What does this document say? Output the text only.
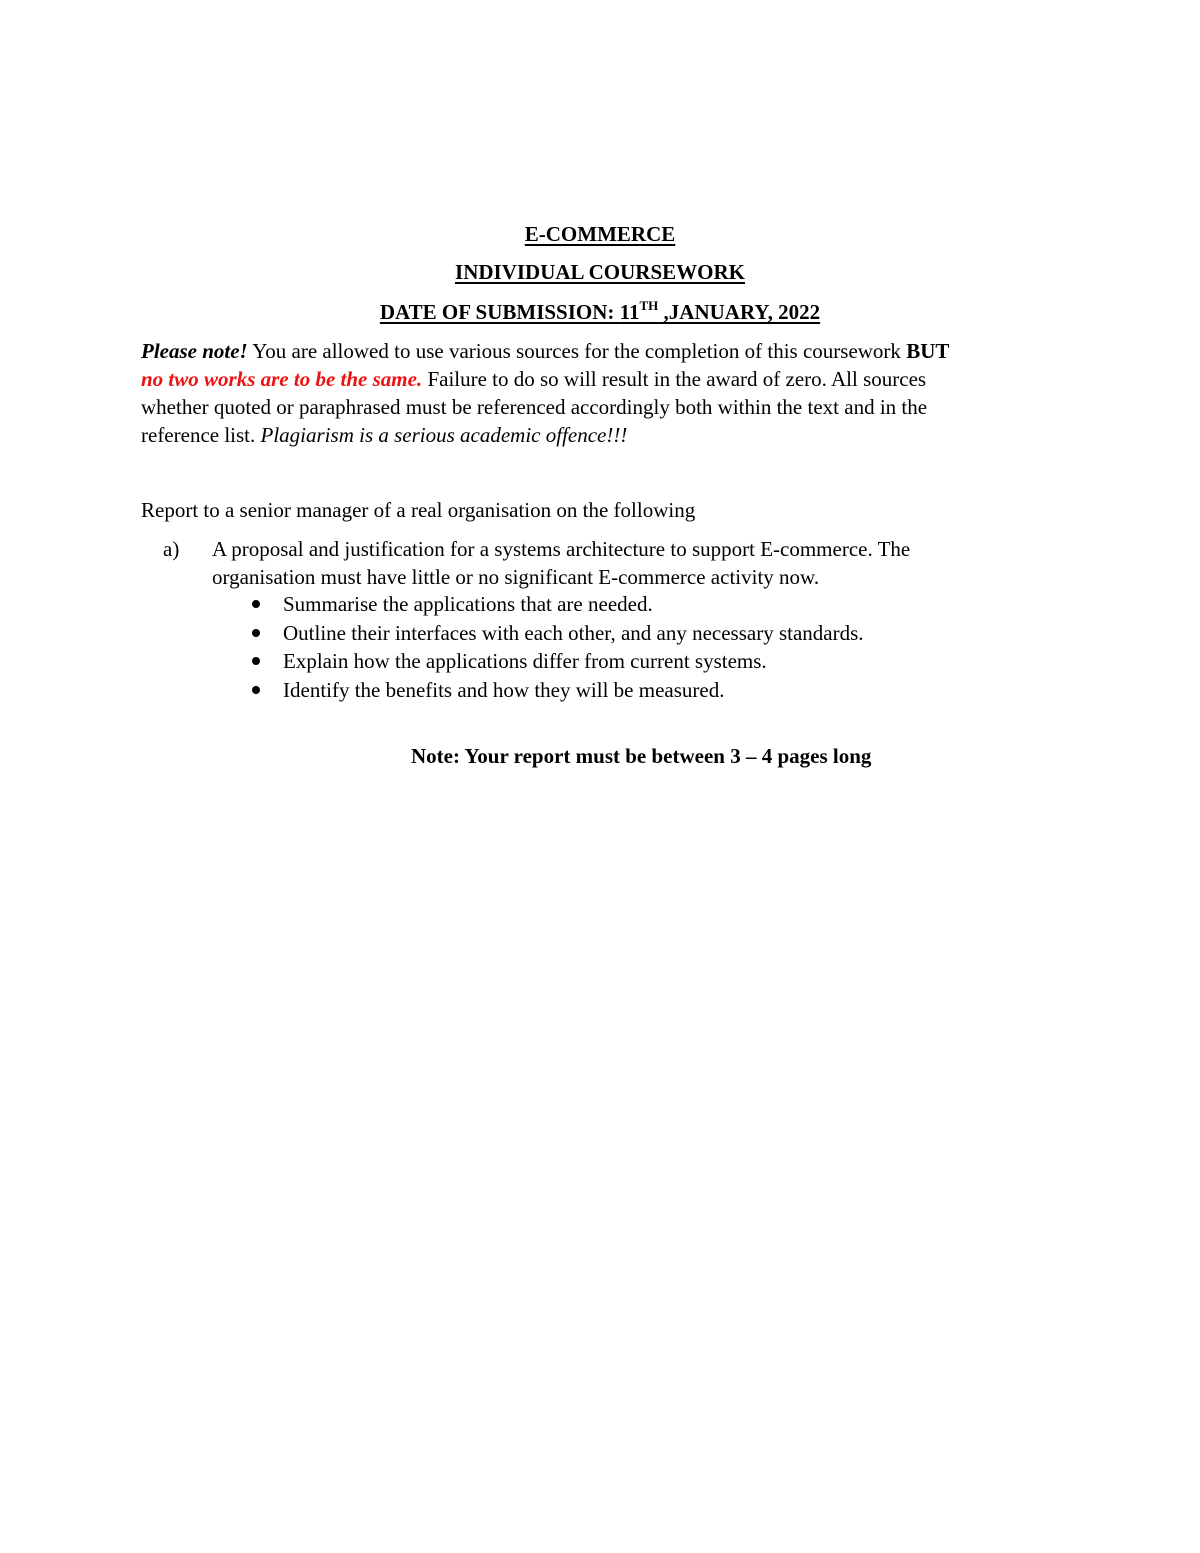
E-COMMERCE
INDIVIDUAL COURSEWORK
DATE OF SUBMISSION: 11TH ,JANUARY, 2022
Please note! You are allowed to use various sources for the completion of this coursework BUT
no two works are to be the same. Failure to do so will result in the award of zero. All sources
whether quoted or paraphrased must be referenced accordingly both within the text and in the
reference list. Plagiarism is a serious academic offence!!!
Report to a senior manager of a real organisation on the following
a) A proposal and justification for a systems architecture to support E-commerce. The
organisation must have little or no significant E-commerce activity now.
Summarise the applications that are needed.
Outline their interfaces with each other, and any necessary standards.
Explain how the applications differ from current systems.
Identify the benefits and how they will be measured.
Note: Your report must be between 3 – 4 pages long
